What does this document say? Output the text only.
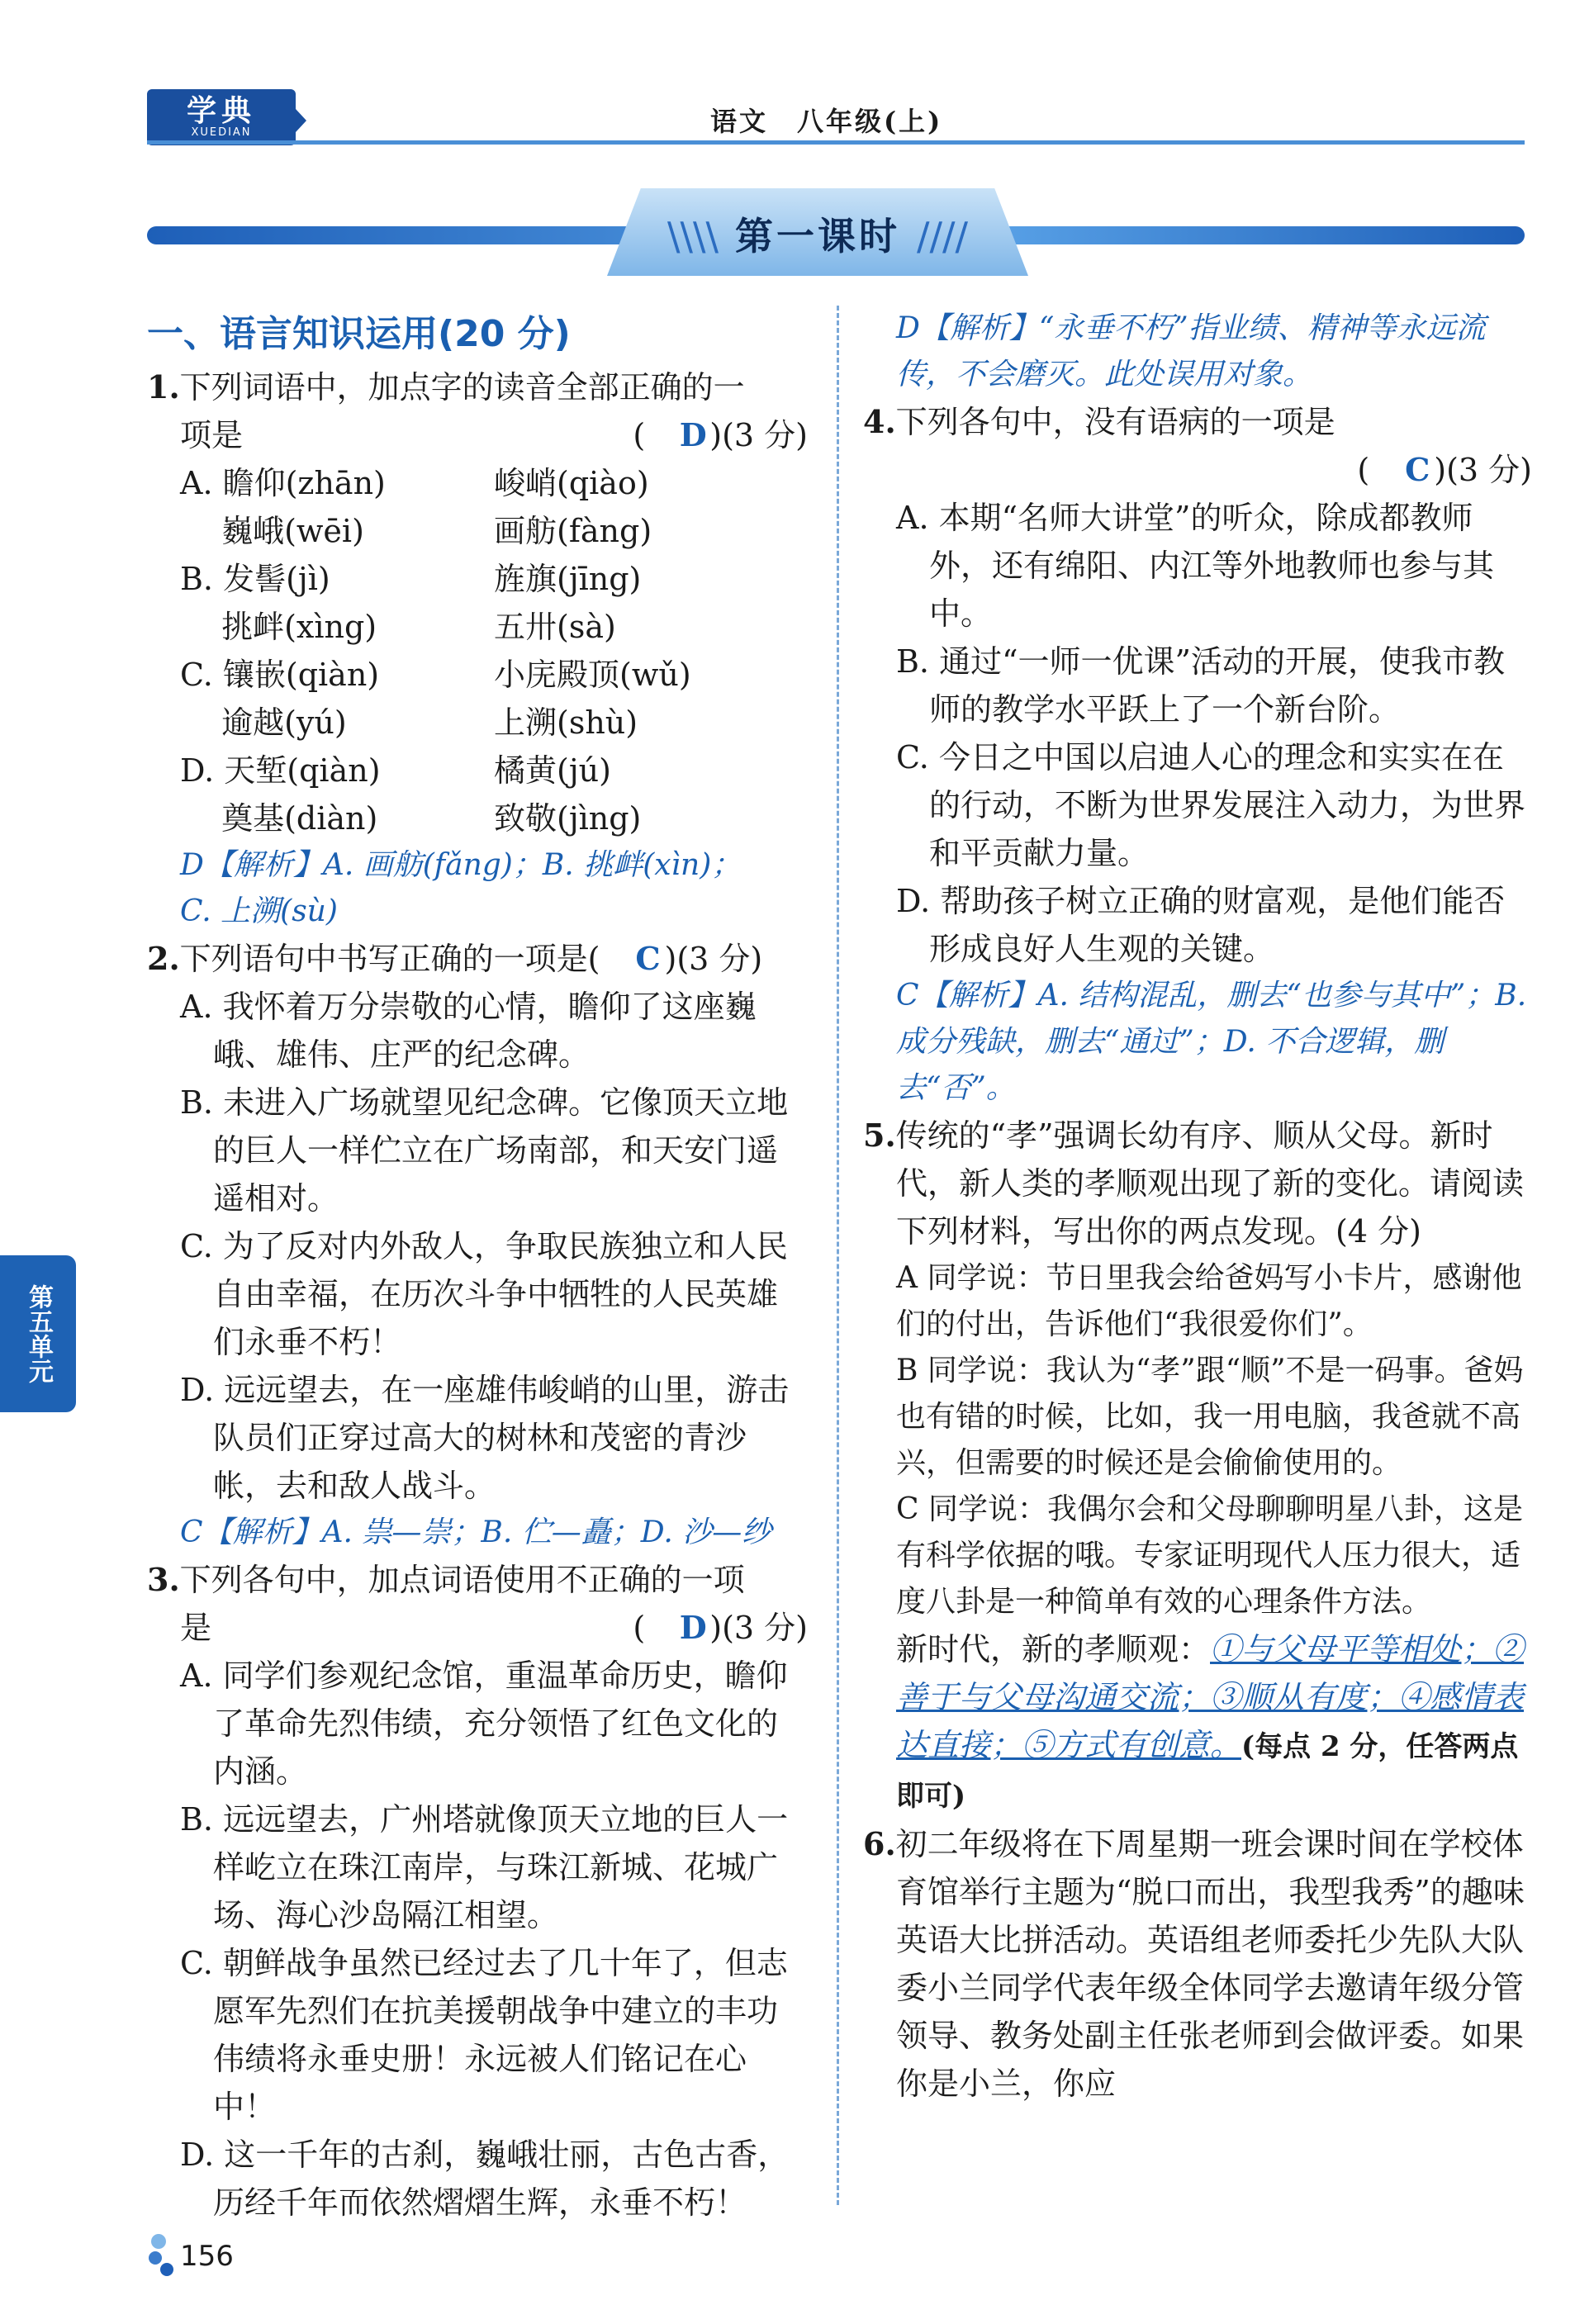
学典
XUEDIAN	语文　八年级(上)
\\\\ 第一课时 ////
一、语言知识运用(20 分)
1.下列词语中，加点字的读音全部正确的一
项是	(　 D)(3 分)
A. 瞻仰(zhān)	峻峭(qiào)
　 巍峨(wēi)	画舫(fàng)
B. 发髻(jì)	旌旗(jīng)
　 挑衅(xìng)	五卅(sà)
C. 镶嵌(qiàn)	小庑殿顶(wǔ)
　 逾越(yú)	上溯(shù)
D. 天堑(qiàn)	橘黄(jú)
　 奠基(diàn)	致敬(jìng)
D【解析】A. 画舫(fǎng)；B. 挑衅(xìn)；
C. 上溯(sù)
2.下列语句中书写正确的一项是(　 C )(3 分)
A. 我怀着万分崇敬的心情，瞻仰了这座巍峨、雄伟、庄严的纪念碑。
B. 未进入广场就望见纪念碑。它像顶天立地的巨人一样伫立在广场南部，和天安门遥遥相对。
C. 为了反对内外敌人，争取民族独立和人民自由幸福，在历次斗争中牺牲的人民英雄们永垂不朽！
D. 远远望去，在一座雄伟峻峭的山里，游击队员们正穿过高大的树林和茂密的青沙帐，去和敌人战斗。
C【解析】A. 祟—崇；B. 伫—矗；D. 沙—纱
3.下列各句中，加点词语使用不正确的一项
是	(　 D)(3 分)
A. 同学们参观纪念馆，重温革命历史，瞻仰了革命先烈伟绩，充分领悟了红色文化的内涵。
B. 远远望去，广州塔就像顶天立地的巨人一样屹立在珠江南岸，与珠江新城、花城广场、海心沙岛隔江相望。
C. 朝鲜战争虽然已经过去了几十年了，但志愿军先烈们在抗美援朝战争中建立的丰功伟绩将永垂史册！永远被人们铭记在心中！
D. 这一千年的古刹，巍峨壮丽，古色古香，历经千年而依然熠熠生辉，永垂不朽！
D【解析】“永垂不朽”指业绩、精神等永远流传，不会磨灭。此处误用对象。
4.下列各句中，没有语病的一项是
(　 C )(3 分)
A. 本期“名师大讲堂”的听众，除成都教师外，还有绵阳、内江等外地教师也参与其中。
B. 通过“一师一优课”活动的开展，使我市教师的教学水平跃上了一个新台阶。
C. 今日之中国以启迪人心的理念和实实在在的行动，不断为世界发展注入动力，为世界和平贡献力量。
D. 帮助孩子树立正确的财富观，是他们能否形成良好人生观的关键。
C【解析】A. 结构混乱，删去“也参与其中”；B. 成分残缺，删去“通过”；D. 不合逻辑，删去“否”。
5.传统的“孝”强调长幼有序、顺从父母。新时代，新人类的孝顺观出现了新的变化。请阅读下列材料，写出你的两点发现。(4 分)
A 同学说：节日里我会给爸妈写小卡片，感谢他们的付出，告诉他们“我很爱你们”。
B 同学说：我认为“孝”跟“顺”不是一码事。爸妈也有错的时候，比如，我一用电脑，我爸就不高兴，但需要的时候还是会偷偷使用的。
C 同学说：我偶尔会和父母聊聊明星八卦，这是有科学依据的哦。专家证明现代人压力很大，适度八卦是一种简单有效的心理条件方法。
新时代，新的孝顺观：①与父母平等相处；②善于与父母沟通交流；③顺从有度；④感情表达直接；⑤方式有创意。(每点 2 分，任答两点即可)
6.初二年级将在下周星期一班会课时间在学校体育馆举行主题为“脱口而出，我型我秀”的趣味英语大比拼活动。英语组老师委托少先队大队委小兰同学代表年级全体同学去邀请年级分管领导、教务处副主任张老师到会做评委。如果你是小兰，你应
第五单元
156
